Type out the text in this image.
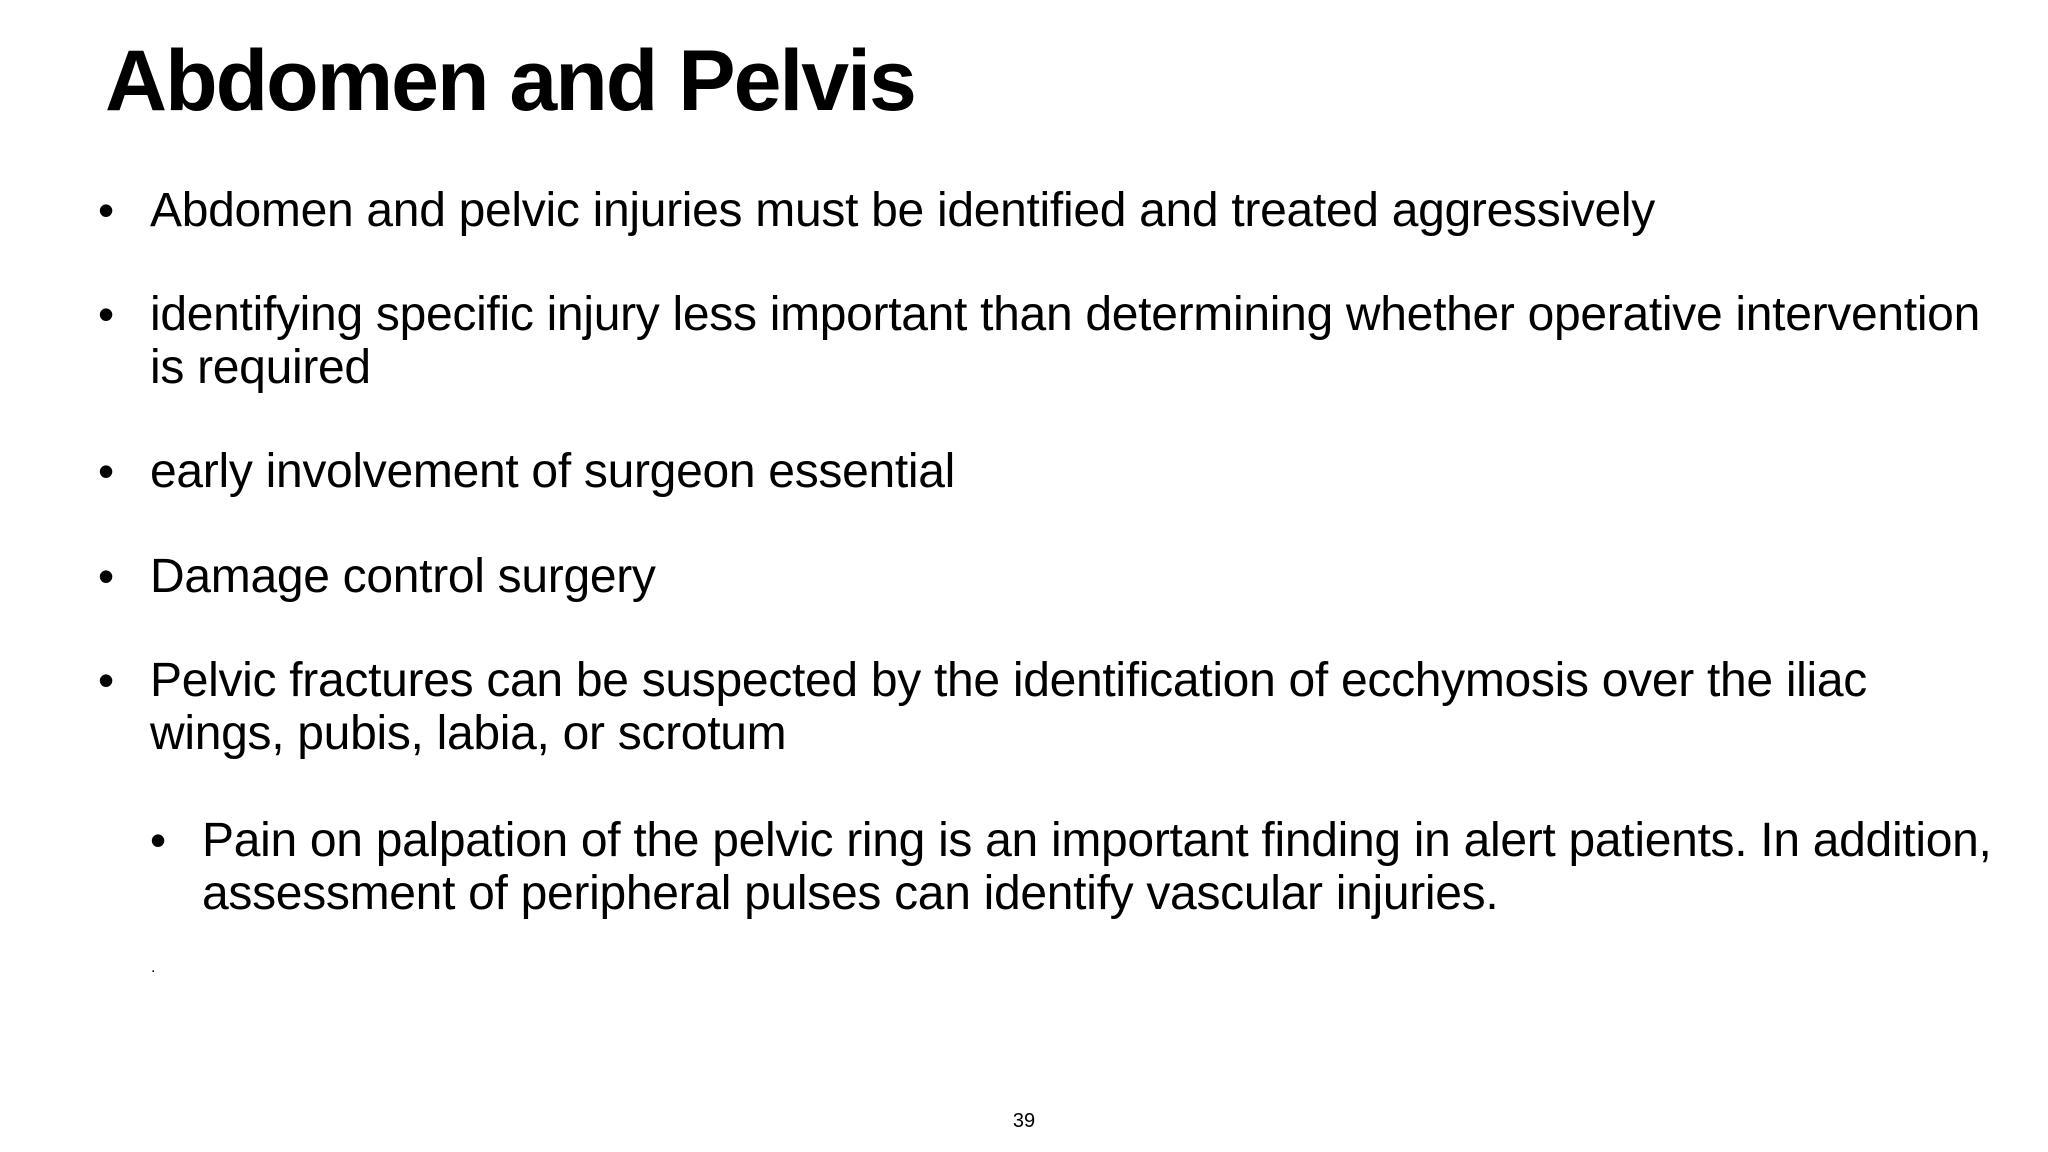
Abdomen and Pelvis
• Abdomen and pelvic injuries must be identified and treated aggressively
• identifying specific injury less important than determining whether operative intervention is required
• early involvement of surgeon essential
• Damage control surgery
• Pelvic fractures can be suspected by the identification of ecchymosis over the iliac wings, pubis, labia, or scrotum
• Pain on palpation of the pelvic ring is an important finding in alert patients. In addition, assessment of peripheral pulses can identify vascular injuries.
.
39
